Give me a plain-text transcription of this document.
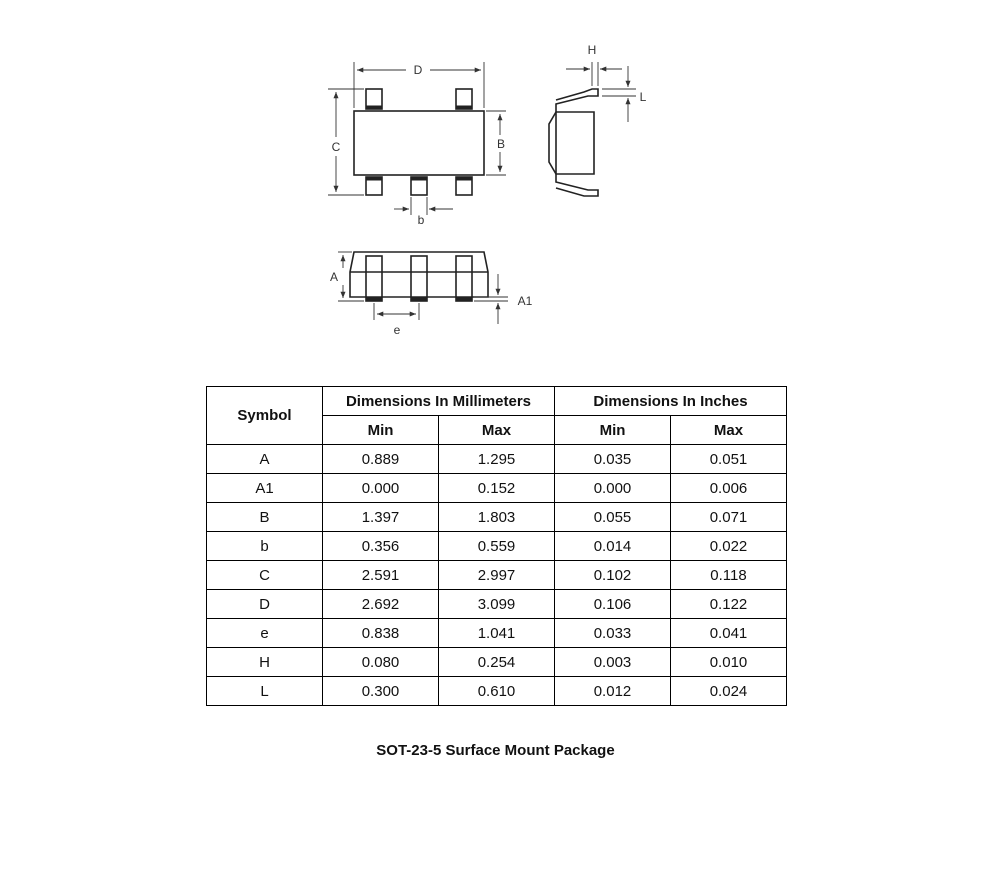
D
C	B
b
H
L
A
A1
e
Symbol	Dimensions In Millimeters		Dimensions In Inches	
	Min	Max	Min	Max
A	0.889	1.295	0.035	0.051
A1	0.000	0.152	0.000	0.006
B	1.397	1.803	0.055	0.071
b	0.356	0.559	0.014	0.022
C	2.591	2.997	0.102	0.118
D	2.692	3.099	0.106	0.122
e	0.838	1.041	0.033	0.041
H	0.080	0.254	0.003	0.010
L	0.300	0.610	0.012	0.024
SOT-23-5 Surface Mount Package
